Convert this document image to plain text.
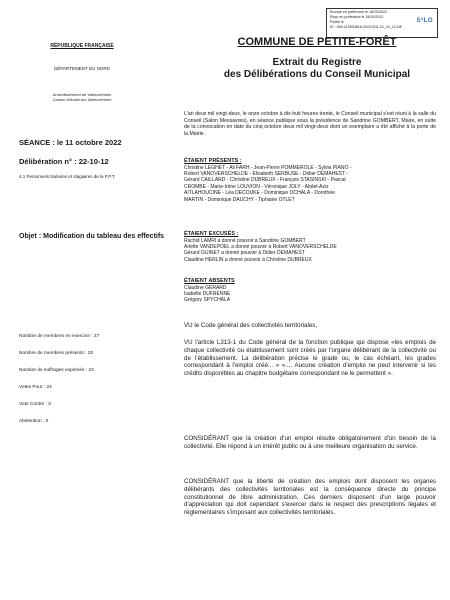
Envoyé en préfecture le 18/10/2022
Reçu en préfecture le 18/10/2022
Publié le
ID : 059-215904616-20221011-22_10_12-DE
S²LO
RÉPUBLIQUE FRANÇAISE
DÉPARTEMENT DU NORD
Arrondissement de Valenciennes
Canton d'Anzin-lez-Valenciennes
COMMUNE DE PETITE-FORÊT
Extrait du Registre
des Délibérations du Conseil Municipal
SÉANCE : le 11 octobre 2022
Délibération n° : 22-10-12
4.1 Personnels titulaires et stagiaires de la F.P.T.
Objet : Modification du tableau des effectifs
Nombre de membres en exercice : 27
Nombre de membres présents : 20
Nombre de suffrages exprimés : 24
Votes Pour : 24
Vote Contre : 0
Abstention : 0
L'an deux mil vingt-deux, le onze octobre à dix-huit heures trente, le Conseil municipal s'est réuni à la salle du Conseil (Salon Messavres), en séance publique sous la présidence de Sandrine GOMBERT, Maire, en suite de la convocation en date du cinq octobre deux mil vingt-deux dont un exemplaire a été affiché à la porte de la Mairie.
ÉTAIENT PRÉSENTS :
Christine LEGHET - Ali FARH - Jean-Pierre POMMEROLE - Sylvie PIANO -
Robert VANOVERSCHELDE - Élisabeth SERBUSE - Didier DEMAHEST -
Gérard CAILLARD - Christine DUBREUX - François STASINSKI - Pascal
CROMBE - Marie-Irène LOUVION - Véronique JOLY - Abdel-Aziz
AITLAHOUCINE - Léa DECOUKE - Dominique OCHALA - Dorothée
MARTIN - Dominique DAUCHY - Tiphanie OTLET
ÉTAIENT EXCUSÉS :
Rachid LAMRI a donné pouvoir à Sandrine GOMBERT
Arlette VANDEPOEL a donné pouvoir à Robert VANOVERSCHELDE
Gérard GUINET a donné pouvoir à Didier DEMAHEST
Claudine HERLIN a donné pouvoir à Christine DUBREUX
ÉTAIENT ABSENTS
Claudine GERARD
Isabelle DUFRENNE
Grégory SPYCHALA
VU le Code général des collectivités territoriales,
VU l'article L313-1 du Code général de la fonction publique qui dispose «les emplois de chaque collectivité ou établissement sont créés par l'organe délibérant de la collectivité ou de l'établissement. La délibération précise le grade ou, le cas échéant, les grades correspondant à l'emploi créé... » «.... Aucune création d'emploi ne peut intervenir si les crédits disponibles au chapitre budgétaire correspondant ne le permettent ».
CONSIDÉRANT que la création d'un emploi résulte obligatoirement d'un besoin de la collectivité. Elle répond à un intérêt public ou à une meilleure organisation du service.
CONSIDÉRANT que la liberté de création des emplois dont disposent les organes délibérants des collectivités territoriales est la conséquence directe du principe constitutionnel de libre administration. Ces derniers disposent d'un large pouvoir d'appréciation qui doit cependant s'exercer dans le respect des prescriptions légales et réglementaires s'imposant aux collectivités territoriales.
